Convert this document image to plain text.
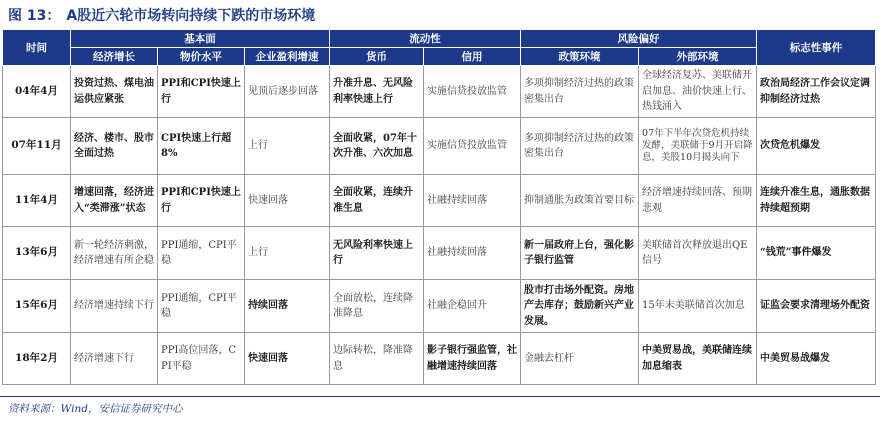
图 13： A股近六轮市场转向持续下跌的市场环境
时间	基本面			流动性		风险偏好		标志性事件
	经济增长	物价水平	企业盈利增速	货币	信用	政策环境	外部环境	
04年4月	投资过热、煤电油运供应紧张	PPI和CPI快速上行	见顶后逐步回落	升准升息、无风险利率快速上行	实施信贷投放监管	多项抑制经济过热的政策密集出台	全球经济复苏、美联储开启加息、油价快速上行、热钱涌入	政治局经济工作会议定调抑制经济过热
07年11月	经济、楼市、股市全面过热	CPI快速上行超8%	上行	全面收紧，07年十次升准、六次加息	实施信贷投放监管	多项抑制经济过热的政策密集出台	07年下半年次贷危机持续发酵，美联储于9月开启降息，美股10月揭头向下	次贷危机爆发
11年4月	增速回落，经济进入“类滞涨”状态	PPI和CPI快速上行	快速回落	全面收紧，连续升准生息	社融持续回落	抑制通胀为政策首要目标	经济增速持续回落、预期悲观	连续升准生息，通胀数据持续超预期
13年6月	新一轮经济刺激，经济增速有所企稳	PPI通缩，CPI平稳	上行	无风险利率快速上行	社融持续回落	新一届政府上台，强化影子银行监管	美联储首次释放退出QE信号	“钱荒”事件爆发
15年6月	经济增速持续下行	PPI通缩，CPI平稳	持续回落	全面放松，连续降准降息	社融企稳回升	股市打击场外配资。房地产去库存；鼓励新兴产业发展。	15年末美联储首次加息	证监会要求清理场外配资
18年2月	经济增速下行	PPI高位回落，CPI平稳	快速回落	边际转松，降准降息	影子银行强监管，社融增速持续回落	金融去杠杆	中美贸易战，美联储连续加息缩表	中美贸易战爆发
资料来源：Wind，安信证券研究中心
